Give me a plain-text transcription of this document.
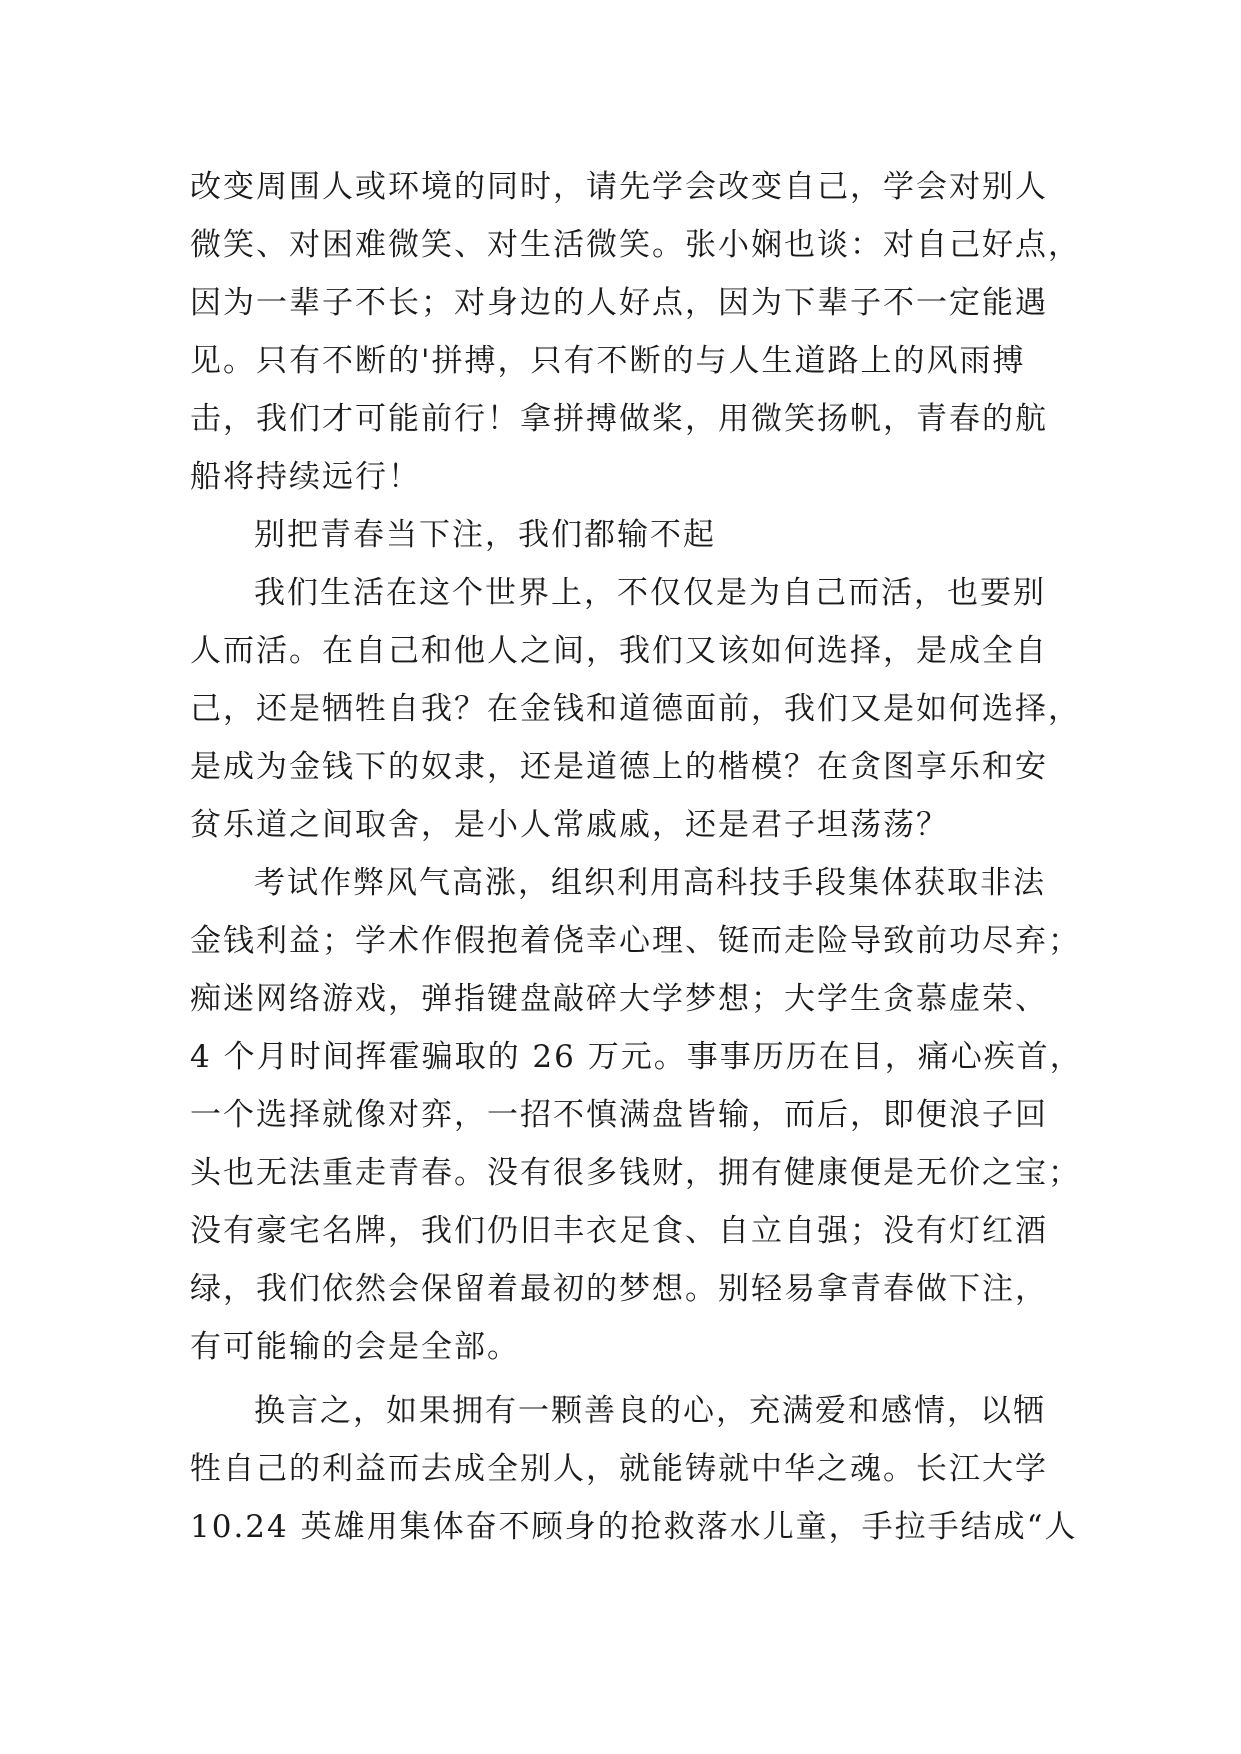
改变周围人或环境的同时，请先学会改变自己，学会对别人
微笑、对困难微笑、对生活微笑。张小娴也谈：对自己好点，
因为一辈子不长；对身边的人好点，因为下辈子不一定能遇
见。只有不断的'拼搏，只有不断的与人生道路上的风雨搏
击，我们才可能前行！拿拼搏做桨，用微笑扬帆，青春的航
船将持续远行！
别把青春当下注，我们都输不起
我们生活在这个世界上，不仅仅是为自己而活，也要别
人而活。在自己和他人之间，我们又该如何选择，是成全自
己，还是牺牲自我？在金钱和道德面前，我们又是如何选择，
是成为金钱下的奴隶，还是道德上的楷模？在贪图享乐和安
贫乐道之间取舍，是小人常戚戚，还是君子坦荡荡？
考试作弊风气高涨，组织利用高科技手段集体获取非法
金钱利益；学术作假抱着侥幸心理、铤而走险导致前功尽弃；
痴迷网络游戏，弹指键盘敲碎大学梦想；大学生贪慕虚荣、
4 个月时间挥霍骗取的 26 万元。事事历历在目，痛心疾首，
一个选择就像对弈，一招不慎满盘皆输，而后，即便浪子回
头也无法重走青春。没有很多钱财，拥有健康便是无价之宝；
没有豪宅名牌，我们仍旧丰衣足食、自立自强；没有灯红酒
绿，我们依然会保留着最初的梦想。别轻易拿青春做下注，
有可能输的会是全部。
换言之，如果拥有一颗善良的心，充满爱和感情，以牺
牲自己的利益而去成全别人，就能铸就中华之魂。长江大学
10.24 英雄用集体奋不顾身的抢救落水儿童，手拉手结成“人
